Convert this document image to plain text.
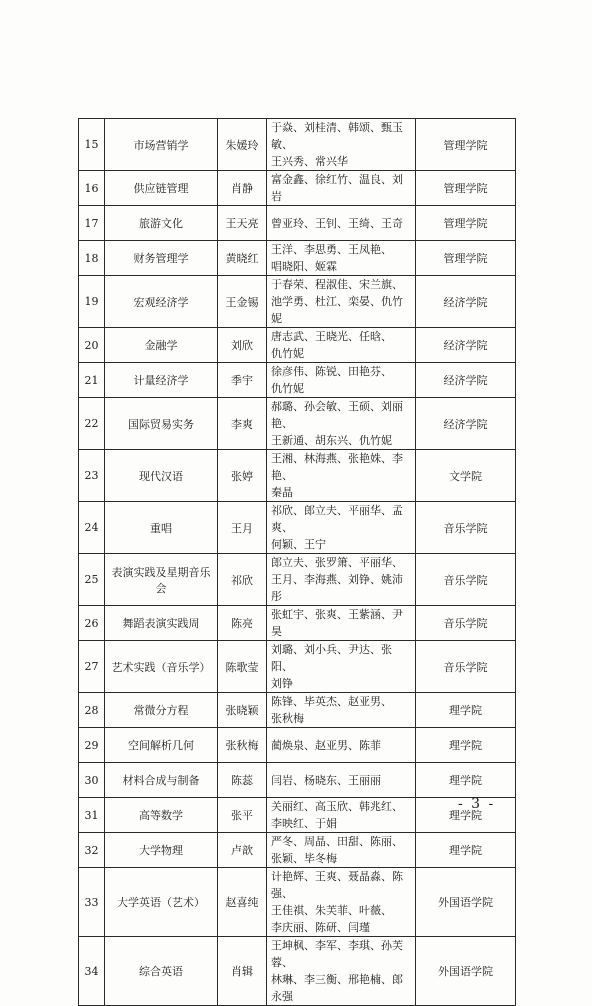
15	市场营销学	朱媛玲	于焱、刘桂清、韩颂、甄玉敏、
王兴秀、常兴华	管理学院
16	供应链管理	肖静	富金鑫、徐红竹、温良、刘岩	管理学院
17	旅游文化	王天亮	曾亚玲、王钊、王绮、王奇	管理学院
18	财务管理学	黄晓红	王洋、李思勇、王凤艳、
唱晓阳、姬霖	管理学院
19	宏观经济学	王金锡	于春荣、程淑佳、宋兰旗、
池学勇、杜江、栾晏、仇竹妮	经济学院
20	金融学	刘欣	唐志武、王晓光、任晗、
仇竹妮	经济学院
21	计量经济学	季宇	徐彦伟、陈锐、田艳芬、
仇竹妮	经济学院
22	国际贸易实务	李爽	郝璐、孙会敏、王硕、刘丽艳、
王新通、胡东兴、仇竹妮	经济学院
23	现代汉语	张婷	王湘、林海燕、张艳姝、李艳、
秦晶	文学院
24	重唱	王月	祁欣、郎立夫、平丽华、孟爽、
何颖、王宁	音乐学院
25	表演实践及星期音乐会	祁欣	郎立夫、张罗箫、平丽华、
王月、李海燕、刘铮、姚沛彤	音乐学院
26	舞蹈表演实践周	陈亮	张虹宇、张爽、王紫涵、尹昊	音乐学院
27	艺术实践（音乐学）	陈歌莹	刘璐、刘小兵、尹达、张阳、
刘铮	音乐学院
28	常微分方程	张晓颖	陈锋、毕英杰、赵亚男、
张秋梅	理学院
29	空间解析几何	张秋梅	蔺焕泉、赵亚男、陈菲	理学院
30	材料合成与制备	陈蕊	闫岩、杨晓东、王丽丽	理学院
31	高等数学	张平	关丽红、高玉欣、韩兆红、
李映红、于娟	理学院
32	大学物理	卢歆	严冬、周晶、田甜、陈丽、
张颖、毕冬梅	理学院
33	大学英语（艺术）	赵喜纯	计艳辉、王爽、聂晶淼、陈强、
王佳祺、朱芙菲、叶薇、
李庆丽、陈研、闫瑾	外国语学院
34	综合英语	肖辑	王坤枫、李军、李琪、孙芙蓉、
林琳、李三衡、邢艳楠、郎永强	外国语学院
- 3 -
